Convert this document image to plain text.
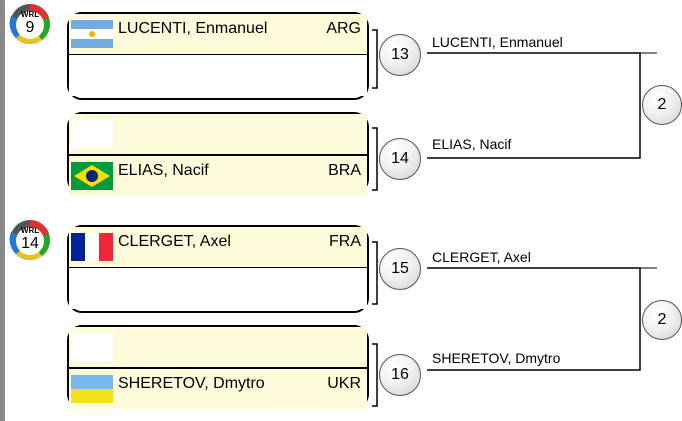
WRL
9	LUCENTI, Enmanuel	ARG
ELIAS, Nacif	BRA
13
14
LUCENTI, Enmanuel
ELIAS, Nacif
2
WRL
14	CLERGET, Axel	FRA
SHERETOV, Dmytro	UKR
15
16
CLERGET, Axel
SHERETOV, Dmytro
2
